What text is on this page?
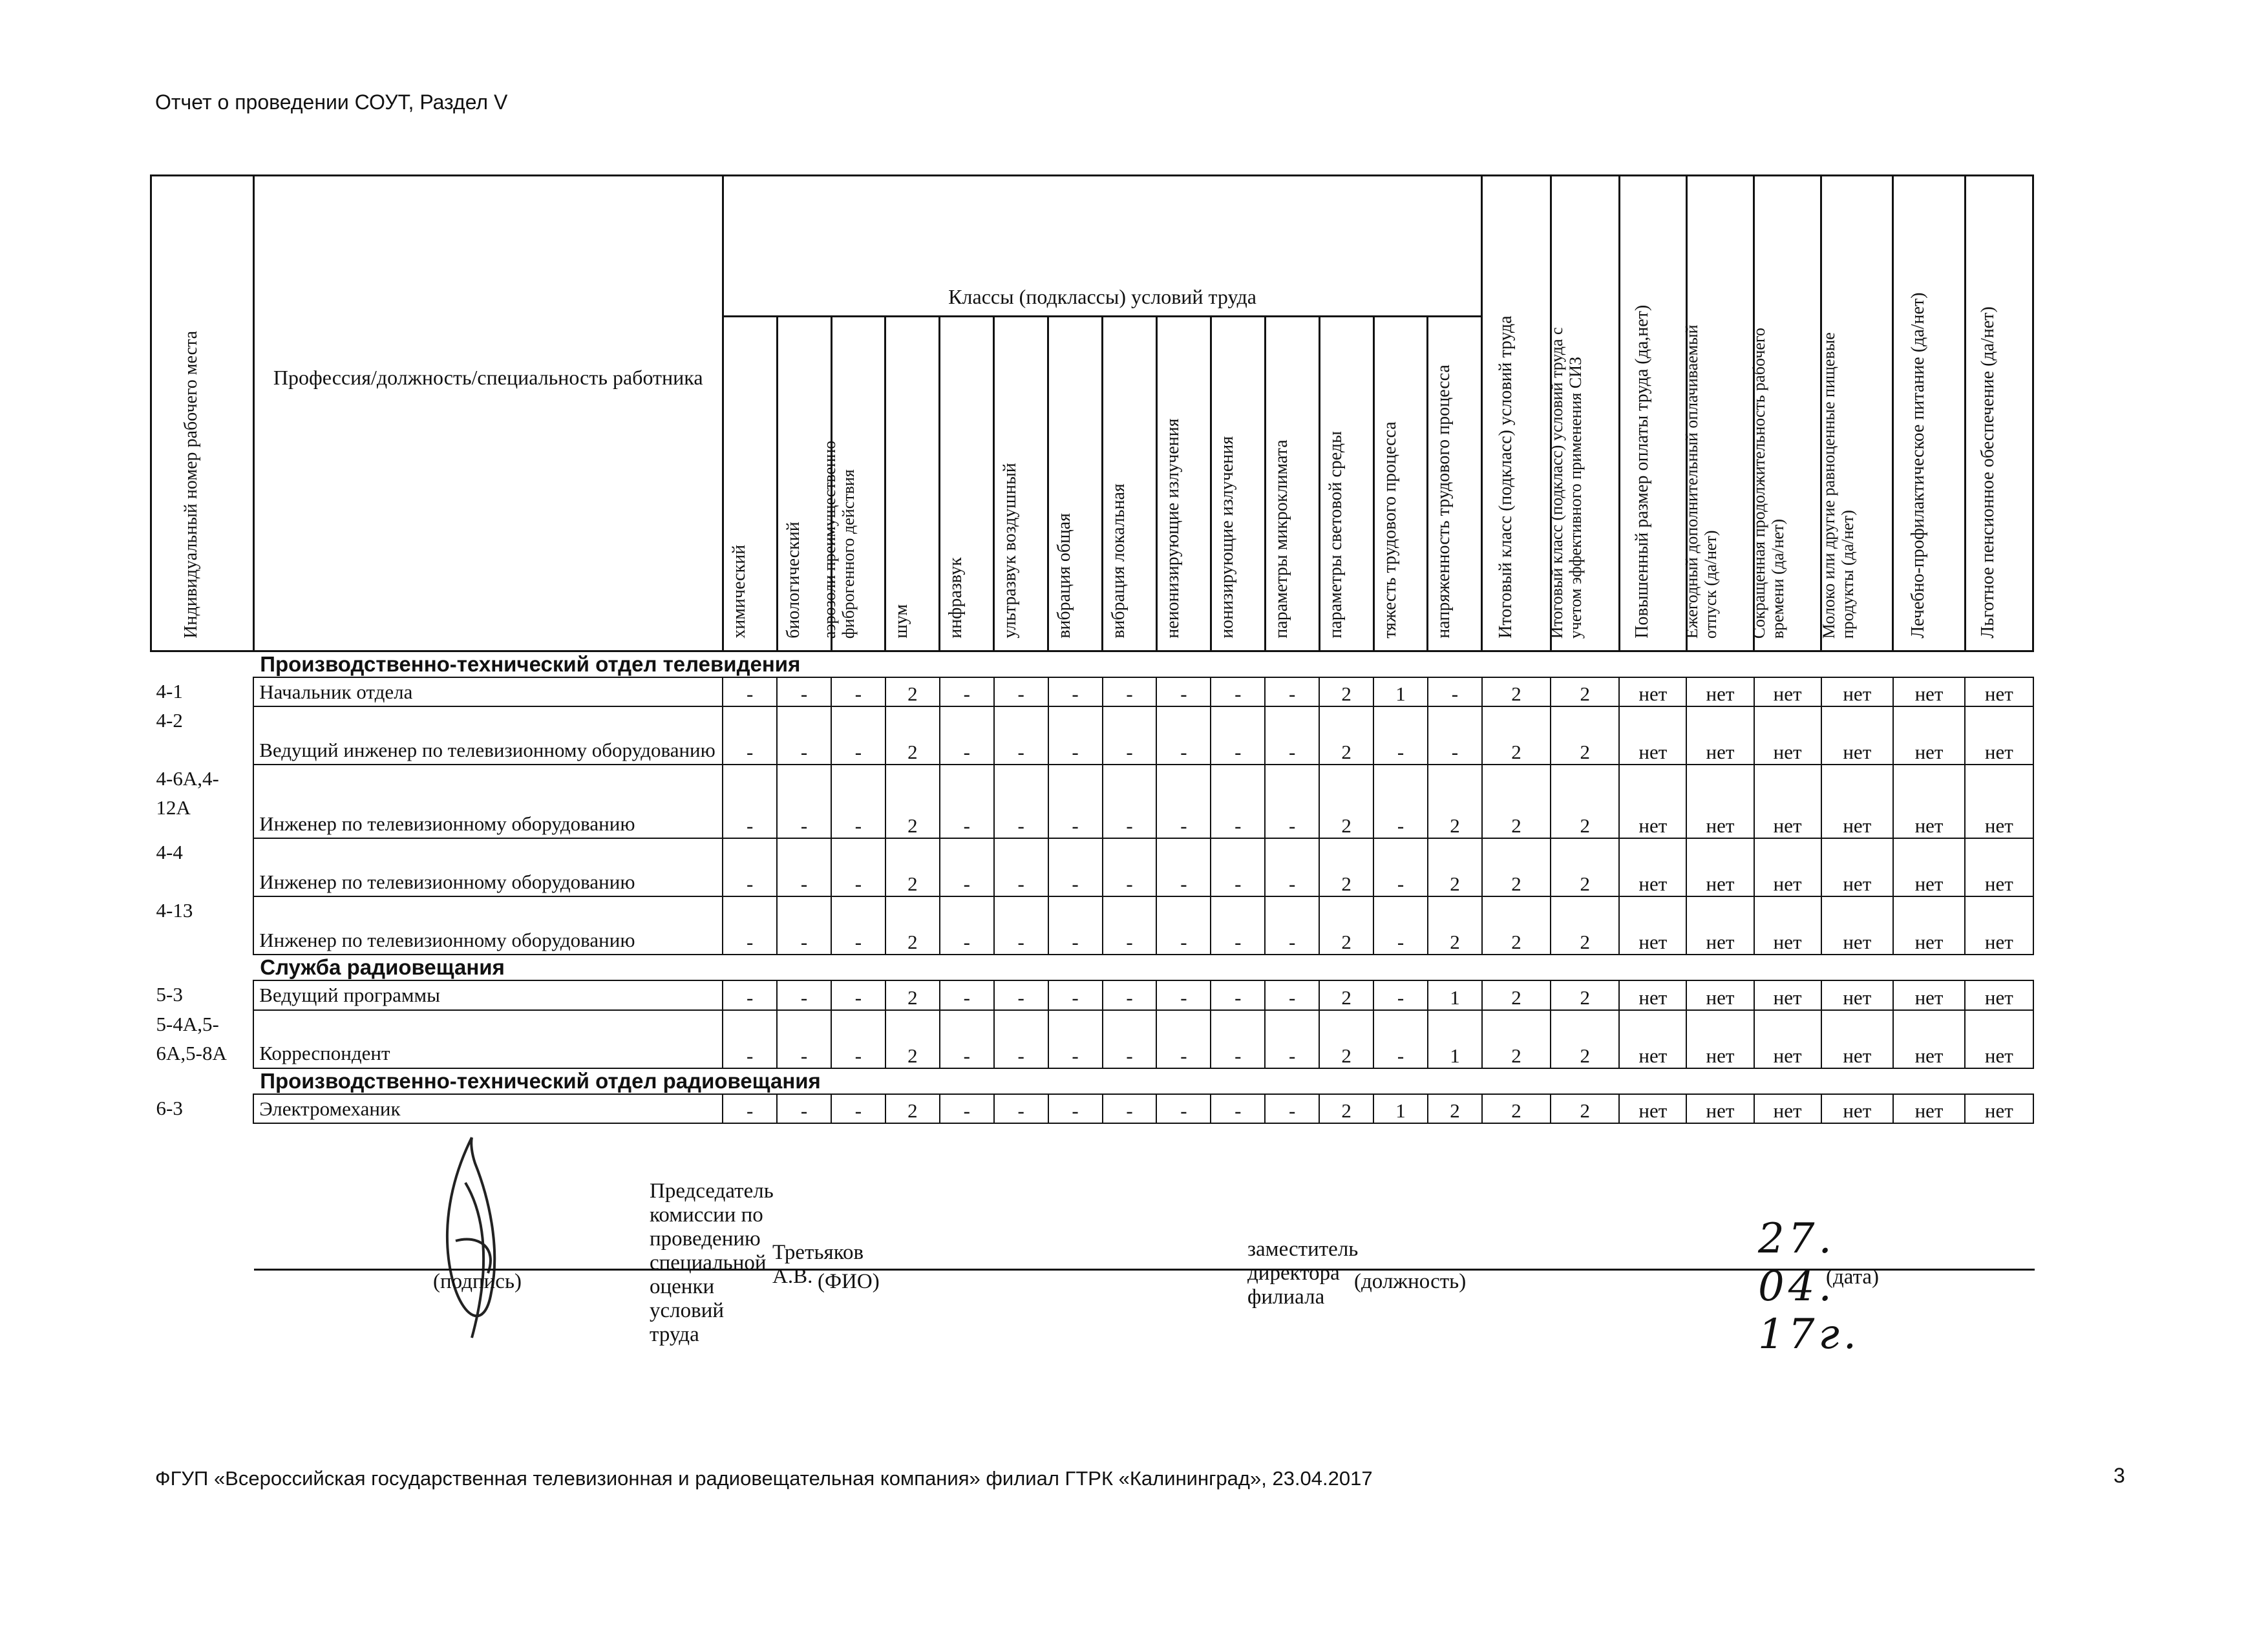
Отчет о проведении СОУТ, Раздел V
Индивидуальный номер рабочего места	Профессия/должность/специальность работника	Классы (подклассы) условий труда														Итоговый класс (подкласс) условий труда	Итоговый класс (подкласс) условий труда с
учетом эффективного применения СИЗ	Повышенный размер оплаты труда (да,нет)	Ежегодный дополнительный оплачиваемый
отпуск (да/нет)	Сокращенная продолжительность рабочего
времени (да/нет)	Молоко или другие равноценные пищевые
продукты (да/нет)	Лечебно-профилактическое питание (да/нет)	Льготное пенсионное обеспечение (да/нет)

		химический	биологический	аэрозоли преимущественно
фиброгенного действия	шум	инфразвук	ультразвук воздушный	вибрация общая	вибрация локальная	неионизирующие излучения	ионизирующие излучения	параметры микроклимата	параметры световой среды	тяжесть трудового процесса	напряженность трудового процесса								

	Производственно-технический отдел телевидения																						
4-1	Начальник отдела	-	-	-	2	-	-	-	-	-	-	-	2	1	-	2	2	нет	нет	нет	нет	нет	нет
4-2	Ведущий инженер по телевизионному оборудованию	-	-	-	2	-	-	-	-	-	-	-	2	-	-	2	2	нет	нет	нет	нет	нет	нет
4-6А,4-12А	Инженер по телевизионному оборудованию	-	-	-	2	-	-	-	-	-	-	-	2	-	2	2	2	нет	нет	нет	нет	нет	нет
4-4	Инженер по телевизионному оборудованию	-	-	-	2	-	-	-	-	-	-	-	2	-	2	2	2	нет	нет	нет	нет	нет	нет
4-13	Инженер по телевизионному оборудованию	-	-	-	2	-	-	-	-	-	-	-	2	-	2	2	2	нет	нет	нет	нет	нет	нет
	Служба радиовещания																						
5-3	Ведущий программы	-	-	-	2	-	-	-	-	-	-	-	2	-	1	2	2	нет	нет	нет	нет	нет	нет
5-4А,5-6А,5-8А	Корреспондент	-	-	-	2	-	-	-	-	-	-	-	2	-	1	2	2	нет	нет	нет	нет	нет	нет
	Производственно-технический отдел радиовещания																						
6-3	Электромеханик	-	-	-	2	-	-	-	-	-	-	-	2	1	2	2	2	нет	нет	нет	нет	нет	нет
Председатель комиссии по проведению специальной оценки условий труда
Третьяков А.В.
заместитель директора филиала
27. 04. 17г.
(подпись)	(ФИО)	(должность)	(дата)
ФГУП «Всероссийская государственная телевизионная и радиовещательная компания» филиал ГТРК «Калининград», 23.04.2017	3
